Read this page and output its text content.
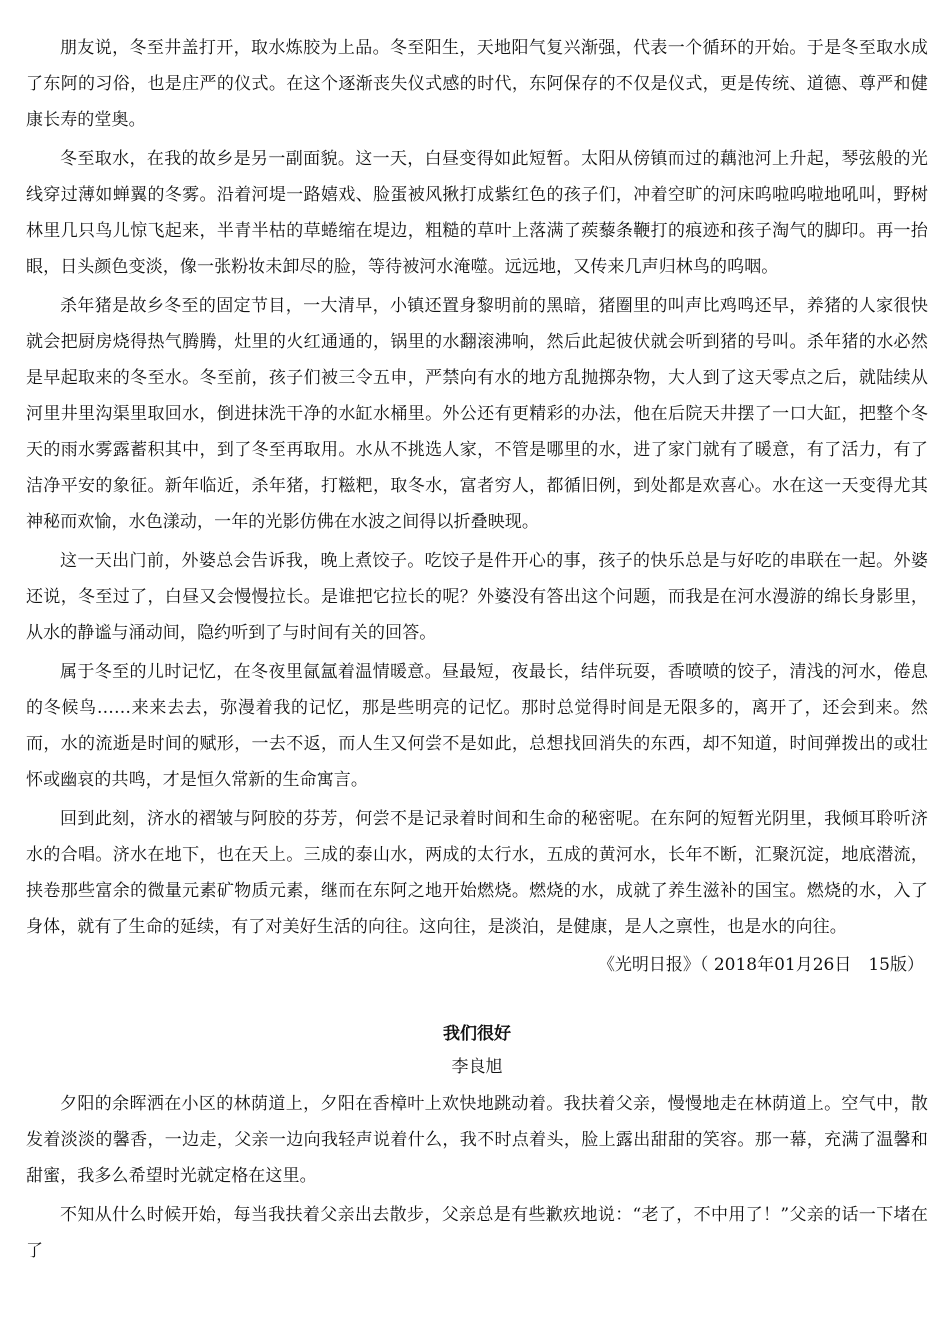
朋友说，冬至井盖打开，取水炼胶为上品。冬至阳生，天地阳气复兴渐强，代表一个循环的开始。于是冬至取水成了东阿的习俗，也是庄严的仪式。在这个逐渐丧失仪式感的时代，东阿保存的不仅是仪式，更是传统、道德、尊严和健康长寿的堂奥。

冬至取水，在我的故乡是另一副面貌。这一天，白昼变得如此短暂。太阳从傍镇而过的藕池河上升起，琴弦般的光线穿过薄如蝉翼的冬雾。沿着河堤一路嬉戏、脸蛋被风揪打成紫红色的孩子们，冲着空旷的河床呜啦呜啦地吼叫，野树林里几只鸟儿惊飞起来，半青半枯的草蜷缩在堤边，粗糙的草叶上落满了蒺藜条鞭打的痕迹和孩子淘气的脚印。再一抬眼，日头颜色变淡，像一张粉妆未卸尽的脸，等待被河水淹噬。远远地，又传来几声归林鸟的呜咽。

杀年猪是故乡冬至的固定节目，一大清早，小镇还置身黎明前的黑暗，猪圈里的叫声比鸡鸣还早，养猪的人家很快就会把厨房烧得热气腾腾，灶里的火红通通的，锅里的水翻滚沸响，然后此起彼伏就会听到猪的号叫。杀年猪的水必然是早起取来的冬至水。冬至前，孩子们被三令五申，严禁向有水的地方乱抛掷杂物，大人到了这天零点之后，就陆续从河里井里沟渠里取回水，倒进抹洗干净的水缸水桶里。外公还有更精彩的办法，他在后院天井摆了一口大缸，把整个冬天的雨水雾露蓄积其中，到了冬至再取用。水从不挑选人家，不管是哪里的水，进了家门就有了暖意，有了活力，有了洁净平安的象征。新年临近，杀年猪，打糍粑，取冬水，富者穷人，都循旧例，到处都是欢喜心。水在这一天变得尤其神秘而欢愉，水色漾动，一年的光影仿佛在水波之间得以折叠映现。

这一天出门前，外婆总会告诉我，晚上煮饺子。吃饺子是件开心的事，孩子的快乐总是与好吃的串联在一起。外婆还说，冬至过了，白昼又会慢慢拉长。是谁把它拉长的呢？外婆没有答出这个问题，而我是在河水漫游的绵长身影里，从水的静谧与涌动间，隐约听到了与时间有关的回答。

属于冬至的儿时记忆，在冬夜里氤氲着温情暖意。昼最短，夜最长，结伴玩耍，香喷喷的饺子，清浅的河水，倦息的冬候鸟……来来去去，弥漫着我的记忆，那是些明亮的记忆。那时总觉得时间是无限多的，离开了，还会到来。然而，水的流逝是时间的赋形，一去不返，而人生又何尝不是如此，总想找回消失的东西，却不知道，时间弹拨出的或壮怀或幽哀的共鸣，才是恒久常新的生命寓言。

回到此刻，济水的褶皱与阿胶的芬芳，何尝不是记录着时间和生命的秘密呢。在东阿的短暂光阴里，我倾耳聆听济水的合唱。济水在地下，也在天上。三成的泰山水，两成的太行水，五成的黄河水，长年不断，汇聚沉淀，地底潜流，挟卷那些富余的微量元素矿物质元素，继而在东阿之地开始燃烧。燃烧的水，成就了养生滋补的国宝。燃烧的水，入了身体，就有了生命的延续，有了对美好生活的向往。这向往，是淡泊，是健康，是人之禀性，也是水的向往。

《光明日报》（ 2018年01月26日　15版）

我们很好

李良旭

夕阳的余晖洒在小区的林荫道上，夕阳在香樟叶上欢快地跳动着。我扶着父亲，慢慢地走在林荫道上。空气中，散发着淡淡的馨香，一边走，父亲一边向我轻声说着什么，我不时点着头，脸上露出甜甜的笑容。那一幕，充满了温馨和甜蜜，我多么希望时光就定格在这里。

不知从什么时候开始，每当我扶着父亲出去散步，父亲总是有些歉疚地说：“老了，不中用了！”父亲的话一下堵在了
